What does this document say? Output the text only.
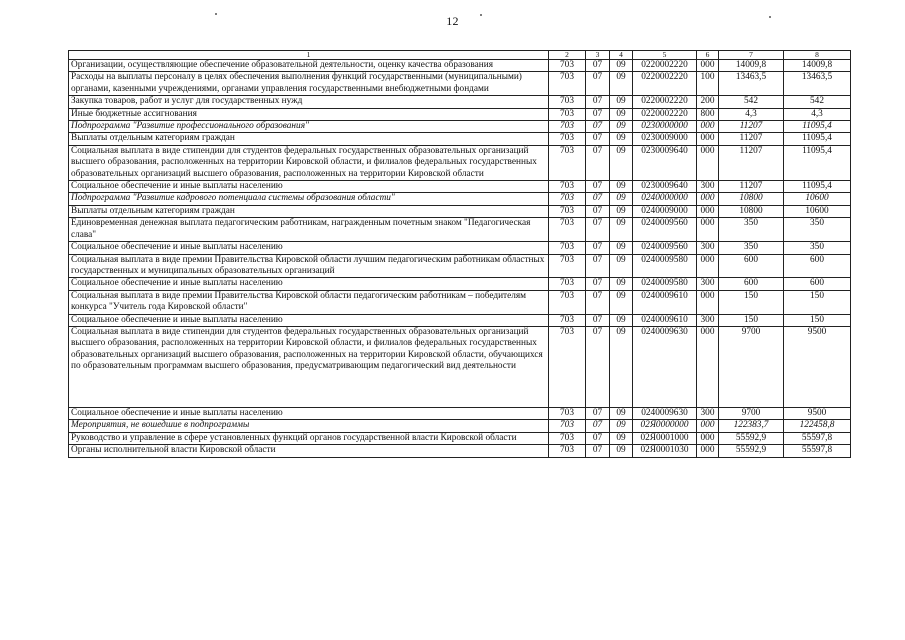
12
1	2	3	4	5	6	7	8
Организации, осуществляющие обеспечение образовательной деятельности, оценку качества образования	703	07	09	0220002220	000	14009,8	14009,8
Расходы на выплаты персоналу в целях обеспечения выполнения функций государственными (муниципальными) органами, казенными учреждениями, органами управления государственными внебюджетными фондами	703	07	09	0220002220	100	13463,5	13463,5
Закупка товаров, работ и услуг для государственных нужд	703	07	09	0220002220	200	542	542
Иные бюджетные ассигнования	703	07	09	0220002220	800	4,3	4,3
Подпрограмма "Развитие профессионального образования"	703	07	09	0230000000	000	11207	11095,4
Выплаты отдельным категориям граждан	703	07	09	0230009000	000	11207	11095,4
Социальная выплата в виде стипендии для студентов федеральных государственных образовательных организаций высшего образования, расположенных на территории Кировской области, и филиалов федеральных государственных образовательных организаций высшего образования, расположенных на территории Кировской области	703	07	09	0230009640	000	11207	11095,4
Социальное обеспечение и иные выплаты населению	703	07	09	0230009640	300	11207	11095,4
Подпрограмма "Развитие кадрового потенциала системы образования области"	703	07	09	0240000000	000	10800	10600
Выплаты отдельным категориям граждан	703	07	09	0240009000	000	10800	10600
Единовременная денежная выплата педагогическим работникам, награжденным почетным знаком "Педагогическая слава"	703	07	09	0240009560	000	350	350
Социальное обеспечение и иные выплаты населению	703	07	09	0240009560	300	350	350
Социальная выплата в виде премии Правительства Кировской области лучшим педагогическим работникам областных государственных и муниципальных образовательных организаций	703	07	09	0240009580	000	600	600
Социальное обеспечение и иные выплаты населению	703	07	09	0240009580	300	600	600
Социальная выплата в виде премии Правительства Кировской области педагогическим работникам – победителям конкурса "Учитель года Кировской области"	703	07	09	0240009610	000	150	150
Социальное обеспечение и иные выплаты населению	703	07	09	0240009610	300	150	150
Социальная выплата в виде стипендии для студентов федеральных государственных образовательных организаций высшего образования, расположенных на территории Кировской области, и филиалов федеральных государственных образовательных организаций высшего образования, расположенных на территории Кировской области, обучающихся по образовательным программам высшего образования, предусматривающим педагогический вид деятельности	703	07	09	0240009630	000	9700	9500
Социальное обеспечение и иные выплаты населению	703	07	09	0240009630	300	9700	9500
Мероприятия, не вошедшие в подпрограммы	703	07	09	02Я0000000	000	122383,7	122458,8
Руководство и управление в сфере установленных функций органов государственной власти Кировской области	703	07	09	02Я0001000	000	55592,9	55597,8
Органы исполнительной власти Кировской области	703	07	09	02Я0001030	000	55592,9	55597,8
